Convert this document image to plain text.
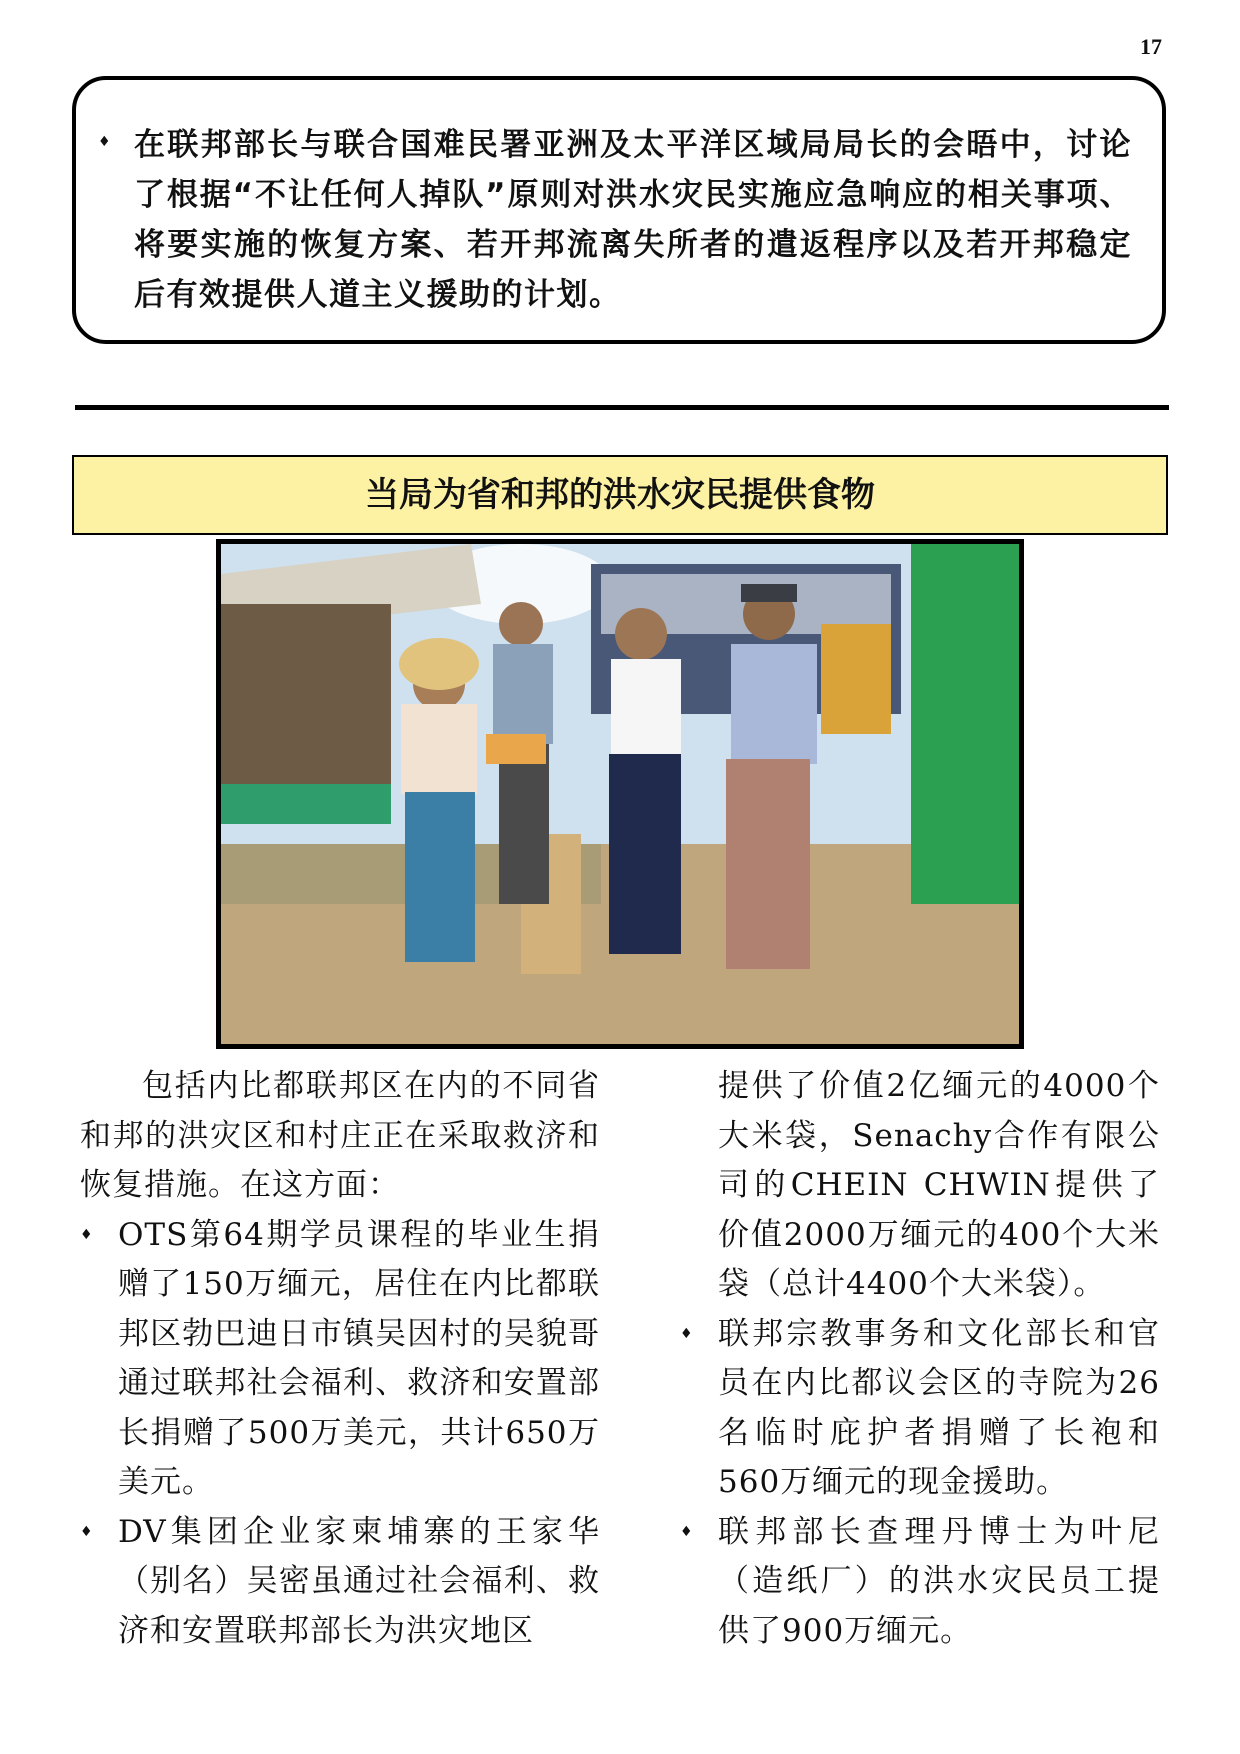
17
♦ 在联邦部长与联合国难民署亚洲及太平洋区域局局长的会晤中，讨论了根据“不让任何人掉队”原则对洪水灾民实施应急响应的相关事项、将要实施的恢复方案、若开邦流离失所者的遣返程序以及若开邦稳定后有效提供人道主义援助的计划。
当局为省和邦的洪水灾民提供食物

包括内比都联邦区在内的不同省和邦的洪灾区和村庄正在采取救济和恢复措施。在这方面：

♦ OTS第64期学员课程的毕业生捐赠了150万缅元，居住在内比都联邦区勃巴迪日市镇吴因村的吴貌哥通过联邦社会福利、救济和安置部长捐赠了500万美元，共计650万美元。

♦ DV集团企业家柬埔寨的王家华（别名）吴密虽通过社会福利、救济和安置联邦部长为洪灾地区

提供了价值2亿缅元的4000个大米袋，Senachy合作有限公司的CHEIN CHWIN提供了价值2000万缅元的400个大米袋（总计4400个大米袋）。

♦ 联邦宗教事务和文化部长和官员在内比都议会区的寺院为26名临时庇护者捐赠了长袍和560万缅元的现金援助。

♦ 联邦部长查理丹博士为叶尼（造纸厂）的洪水灾民员工提供了900万缅元。
